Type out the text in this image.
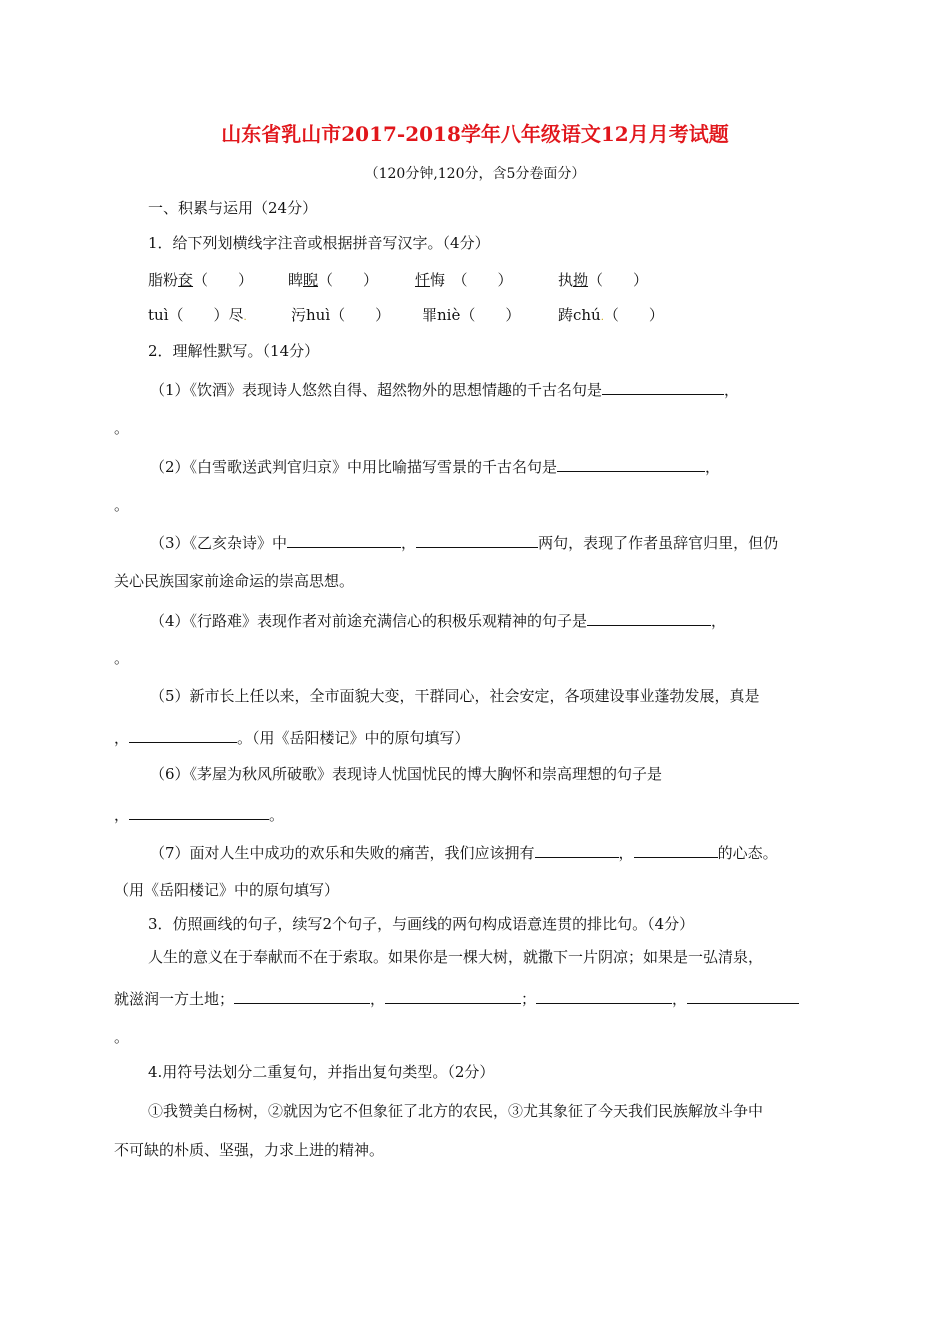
山东省乳山市2017-2018学年八年级语文12月月考试题
（120分钟,120分，含5分卷面分）
一、积累与运用（24分）
1．给下列划横线字注音或根据拼音写汉字。（4分）
脂粉奁（　　） 睥睨（　　） 忏悔　（　　）	执拗（　　）
tuì（　　）尽.	污huì（　　） 罪niè（　　）	踌chú.（　　）
2．理解性默写。（14分）
（1）《饮酒》表现诗人悠然自得、超然物外的思想情趣的千古名句是	，
。
（2）《白雪歌送武判官归京》中用比喻描写雪景的千古名句是	，
。
（3）《乙亥杂诗》中	，	两句，表现了作者虽辞官归里，但仍
关心民族国家前途命运的崇高思想。
（4）《行路难》表现作者对前途充满信心的积极乐观精神的句子是	，
。
（5）新市长上任以来，全市面貌大变，干群同心，社会安定，各项建设事业蓬勃发展，真是
，	。（用《岳阳楼记》中的原句填写）
（6）《茅屋为秋风所破歌》表现诗人忧国忧民的博大胸怀和崇高理想的句子是
，	。
（7）面对人生中成功的欢乐和失败的痛苦，我们应该拥有	，	的心态。
（用《岳阳楼记》中的原句填写）
3．仿照画线的句子，续写2个句子，与画线的两句构成语意连贯的排比句。（4分）
人生的意义在于奉献而不在于索取。如果你是一棵大树，就撒下一片阴凉；如果是一弘清泉，
就滋润一方土地；	，	；	，
。
4.用符号法划分二重复句，并指出复句类型。（2分）
①我赞美白杨树，②就因为它不但象征了北方的农民，③尤其象征了今天我们民族解放斗争中
不可缺的朴质、坚强，力求上进的精神。
